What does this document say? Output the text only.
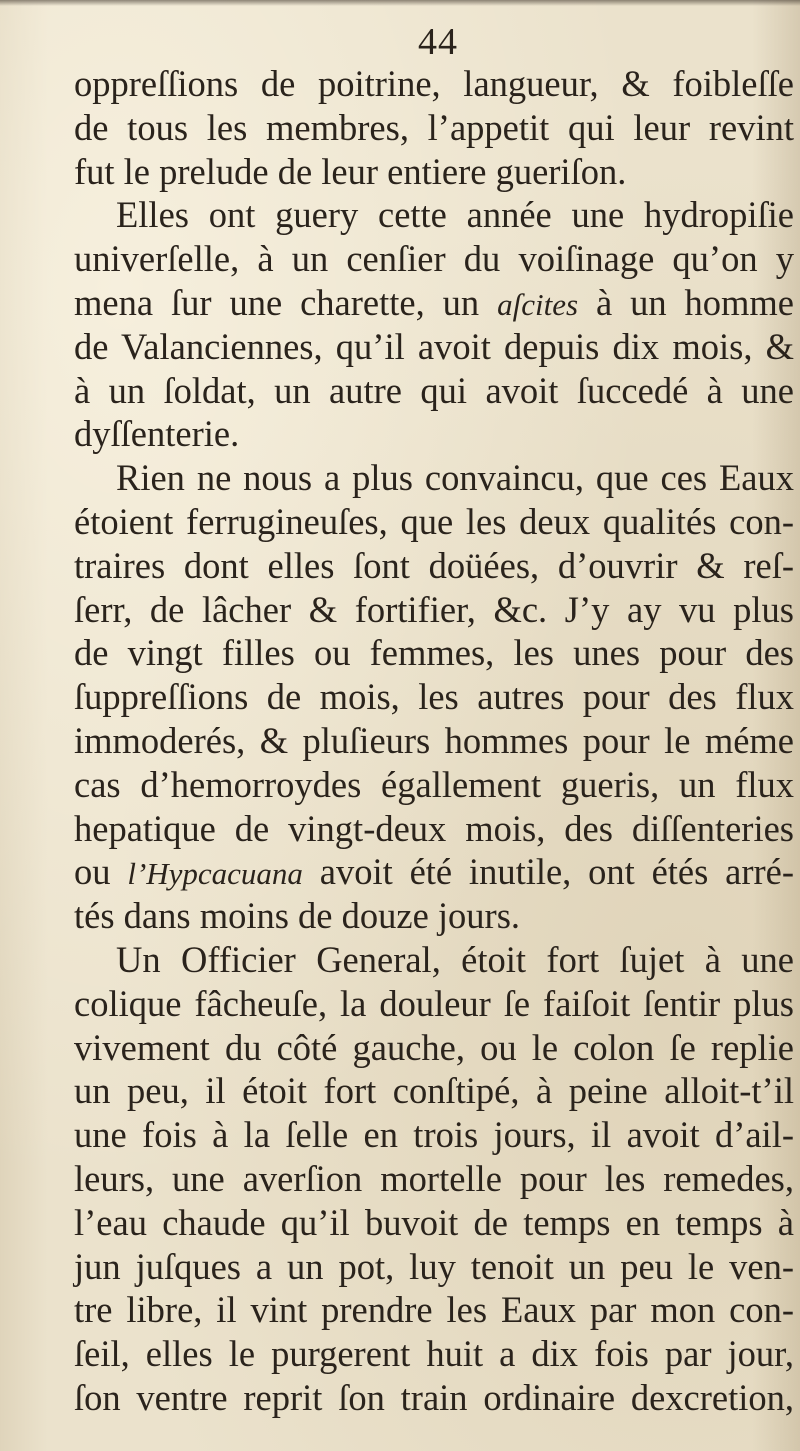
44
oppreſſions de poitrine, langueur, & foibleſſe
de tous les membres, l’appetit qui leur revint
fut le prelude de leur entiere gueriſon.
Elles ont guery cette année une hydropiſie
univerſelle, à un cenſier du voiſinage qu’on y
mena ſur une charette, un aſcites à un homme
de Valanciennes, qu’il avoit depuis dix mois, &
à un ſoldat, un autre qui avoit ſuccedé à une
dyſſenterie.
Rien ne nous a plus convaincu, que ces Eaux
étoient ferrugineuſes, que les deux qualités con-
traires dont elles ſont doüées, d’ouvrir & reſ-
ſerr, de lâcher & fortifier, &c. J’y ay vu plus
de vingt filles ou femmes, les unes pour des
ſuppreſſions de mois, les autres pour des flux
immoderés, & pluſieurs hommes pour le méme
cas d’hemorroydes égallement gueris, un flux
hepatique de vingt-deux mois, des diſſenteries
ou l’Hypcacuana avoit été inutile, ont étés arré-
tés dans moins de douze jours.
Un Officier General, étoit fort ſujet à une
colique fâcheuſe, la douleur ſe faiſoit ſentir plus
vivement du côté gauche, ou le colon ſe replie
un peu, il étoit fort conſtipé, à peine alloit-t’il
une fois à la ſelle en trois jours, il avoit d’ail-
leurs, une averſion mortelle pour les remedes,
l’eau chaude qu’il buvoit de temps en temps à
jun juſques a un pot, luy tenoit un peu le ven-
tre libre, il vint prendre les Eaux par mon con-
ſeil, elles le purgerent huit a dix fois par jour,
ſon ventre reprit ſon train ordinaire dexcretion,
